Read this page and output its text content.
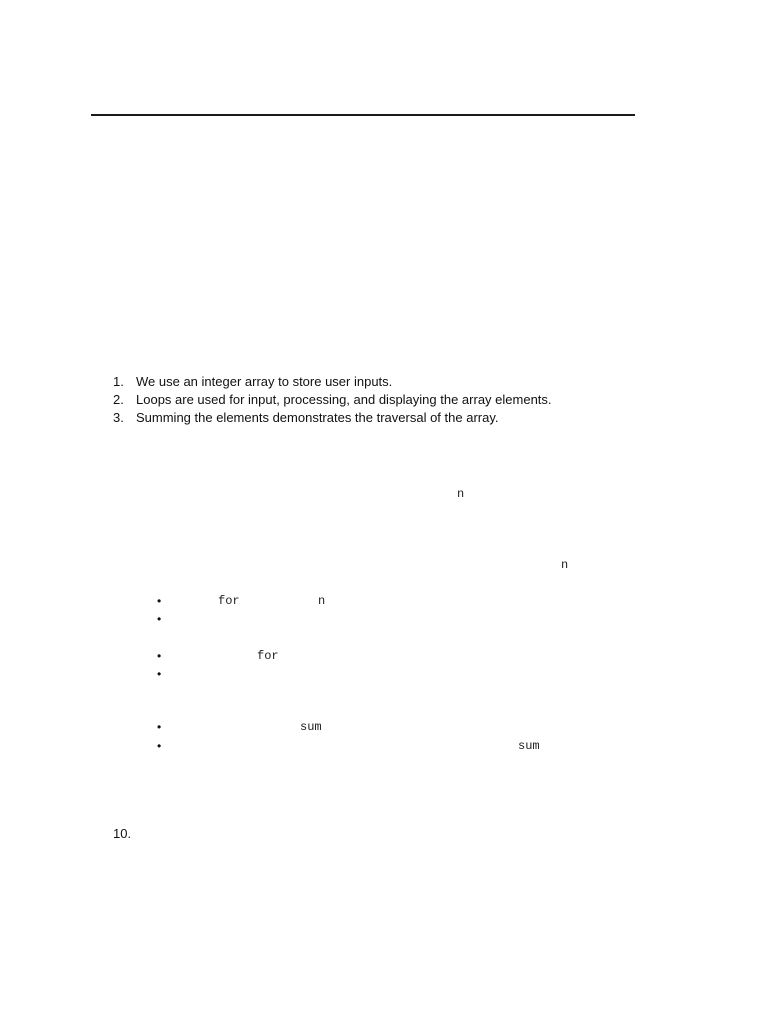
1. We use an integer array to store user inputs.
2. Loops are used for input, processing, and displaying the array elements.
3. Summing the elements demonstrates the traversal of the array.
n
n
•	for	n
•
•	for
•
•	sum
•	sum
10.
